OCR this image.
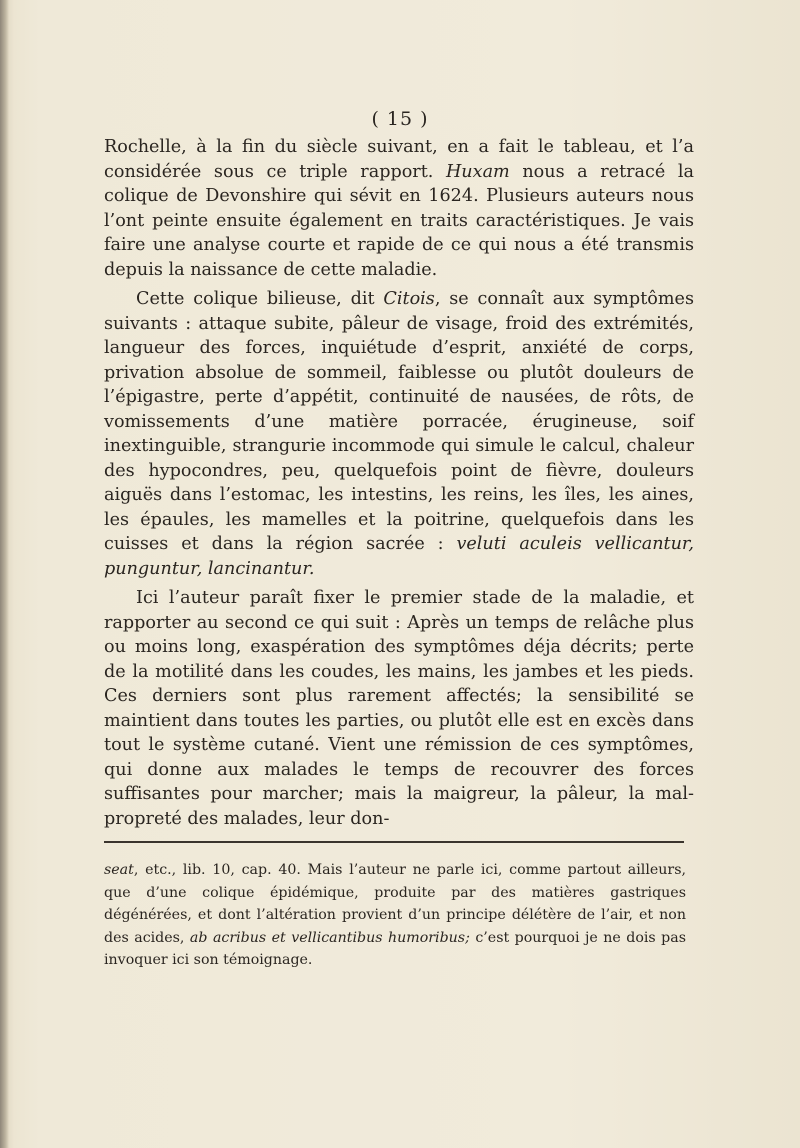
( 15 )

Rochelle, à la fin du siècle suivant, en a fait le tableau, et l’a considérée sous ce triple rapport. Huxam nous a retracé la colique de Devonshire qui sévit en 1624. Plusieurs auteurs nous l’ont peinte ensuite également en traits caractéristiques. Je vais faire une analyse courte et rapide de ce qui nous a été transmis depuis la naissance de cette maladie.

Cette colique bilieuse, dit Citois, se connaît aux symptômes suivants : attaque subite, pâleur de visage, froid des extrémités, langueur des forces, inquiétude d’esprit, anxiété de corps, privation absolue de sommeil, faiblesse ou plutôt douleurs de l’épigastre, perte d’appétit, continuité de nausées, de rôts, de vomissements d’une matière porracée, érugineuse, soif inextinguible, strangurie incommode qui simule le calcul, chaleur des hypocondres, peu, quelquefois point de fièvre, douleurs aiguës dans l’estomac, les intestins, les reins, les îles, les aines, les épaules, les mamelles et la poitrine, quelquefois dans les cuisses et dans la région sacrée : veluti aculeis vellicantur, punguntur, lancinantur.

Ici l’auteur paraît fixer le premier stade de la maladie, et rapporter au second ce qui suit : Après un temps de relâche plus ou moins long, exaspération des symptômes déja décrits; perte de la motilité dans les coudes, les mains, les jambes et les pieds. Ces derniers sont plus rarement affectés; la sensibilité se maintient dans toutes les parties, ou plutôt elle est en excès dans tout le système cutané. Vient une rémission de ces symptômes, qui donne aux malades le temps de recouvrer des forces suffisantes pour marcher; mais la maigreur, la pâleur, la mal-propreté des malades, leur don-

seat, etc., lib. 10, cap. 40. Mais l’auteur ne parle ici, comme partout ailleurs, que d’une colique épidémique, produite par des matières gastriques dégénérées, et dont l’altération provient d’un principe délétère de l’air, et non des acides, ab acribus et vellicantibus humoribus; c’est pourquoi je ne dois pas invoquer ici son témoignage.
